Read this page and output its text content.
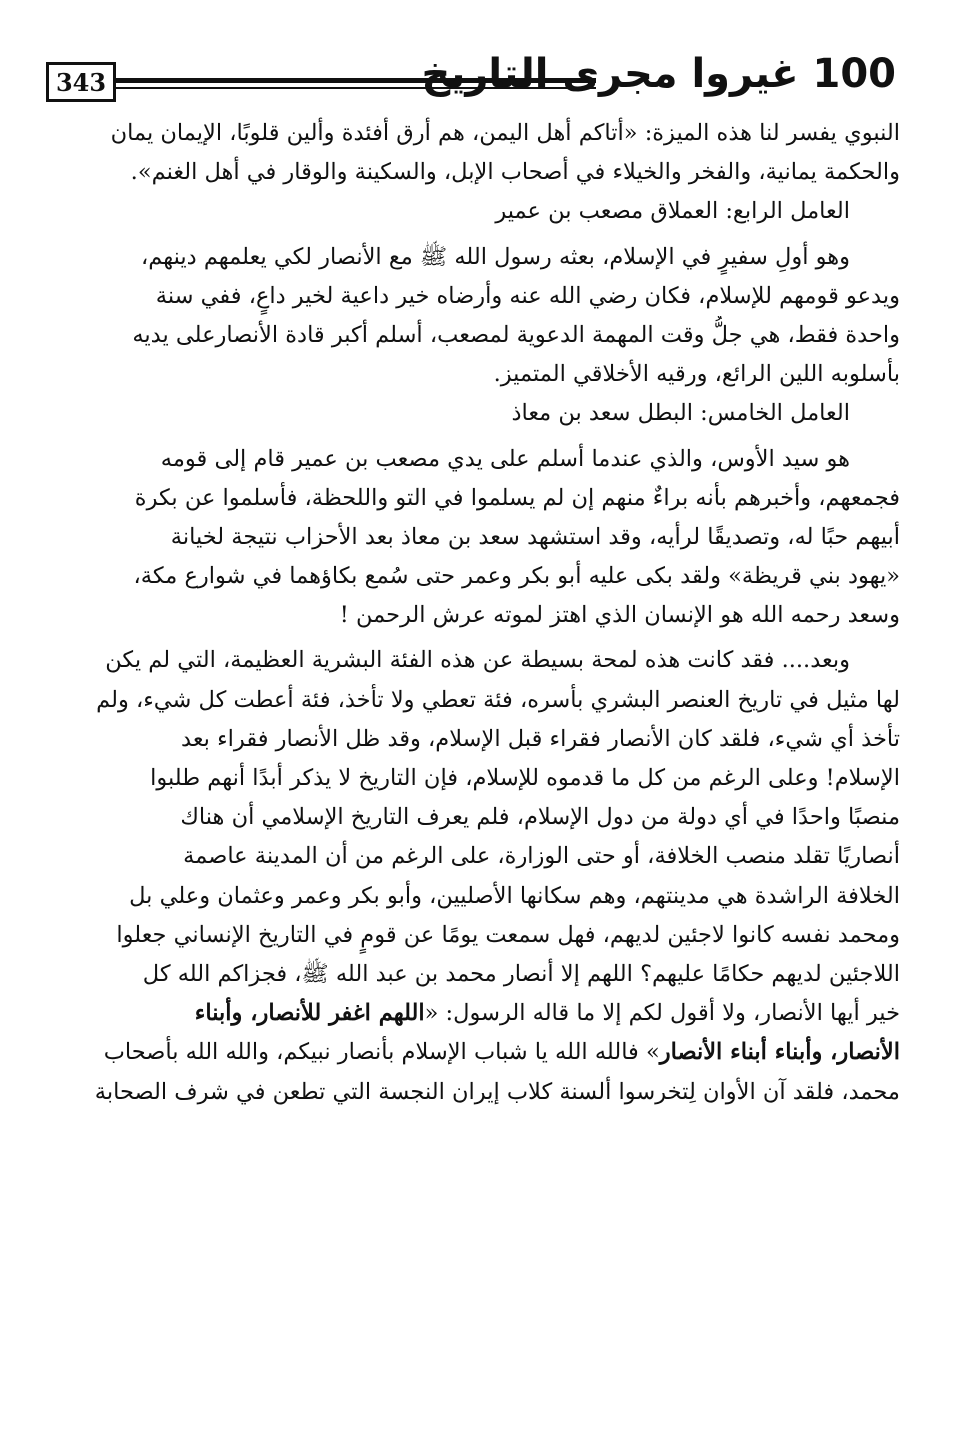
343	100 غيروا مجرى التاريخ
النبوي يفسر لنا هذه الميزة: «أتاكم أهل اليمن، هم أرق أفئدة وألين قلوبًا، الإيمان يمان
والحكمة يمانية، والفخر والخيلاء في أصحاب الإبل، والسكينة والوقار في أهل الغنم».
العامل الرابع: العملاق مصعب بن عمير
وهو أولِ سفيرٍ في الإسلام، بعثه رسول الله ﷺ مع الأنصار لكي يعلمهم دينهم،
ويدعو قومهم للإسلام، فكان رضي الله عنه وأرضاه خير داعية لخير داعٍ، ففي سنة
واحدة فقط، هي جلُّ وقت المهمة الدعوية لمصعب، أسلم أكبر قادة الأنصارعلى يديه
بأسلوبه اللين الرائع، ورقيه الأخلاقي المتميز.
العامل الخامس: البطل سعد بن معاذ
هو سيد الأوس، والذي عندما أسلم على يدي مصعب بن عمير قام إلى قومه
فجمعهم، وأخبرهم بأنه براءٌ منهم إن لم يسلموا في التو واللحظة، فأسلموا عن بكرة
أبيهم حبًا له، وتصديقًا لرأيه، وقد استشهد سعد بن معاذ بعد الأحزاب نتيجة لخيانة
«يهود بني قريظة» ولقد بكى عليه أبو بكر وعمر حتى سُمع بكاؤهما في شوارع مكة،
وسعد رحمه الله هو الإنسان الذي اهتز لموته عرش الرحمن !
وبعد.... فقد كانت هذه لمحة بسيطة عن هذه الفئة البشرية العظيمة، التي لم يكن
لها مثيل في تاريخ العنصر البشري بأسره، فئة تعطي ولا تأخذ، فئة أعطت كل شيء، ولم
تأخذ أي شيء، فلقد كان الأنصار فقراء قبل الإسلام، وقد ظل الأنصار فقراء بعد
الإسلام! وعلى الرغم من كل ما قدموه للإسلام، فإن التاريخ لا يذكر أبدًا أنهم طلبوا
منصبًا واحدًا في أي دولة من دول الإسلام، فلم يعرف التاريخ الإسلامي أن هناك
أنصاريًا تقلد منصب الخلافة، أو حتى الوزارة، على الرغم من أن المدينة عاصمة
الخلافة الراشدة هي مدينتهم، وهم سكانها الأصليين، وأبو بكر وعمر وعثمان وعلي بل
ومحمد نفسه كانوا لاجئين لديهم، فهل سمعت يومًا عن قومٍ في التاريخ الإنساني جعلوا
اللاجئين لديهم حكامًا عليهم؟ اللهم إلا أنصار محمد بن عبد الله ﷺ، فجزاكم الله كل
خير أيها الأنصار، ولا أقول لكم إلا ما قاله الرسول: «اللهم اغفر للأنصار، وأبناء
الأنصار، وأبناء أبناء الأنصار» فالله الله يا شباب الإسلام بأنصار نبيكم، والله الله بأصحاب
محمد، فلقد آن الأوان لِتخرسوا ألسنة كلاب إيران النجسة التي تطعن في شرف الصحابة
